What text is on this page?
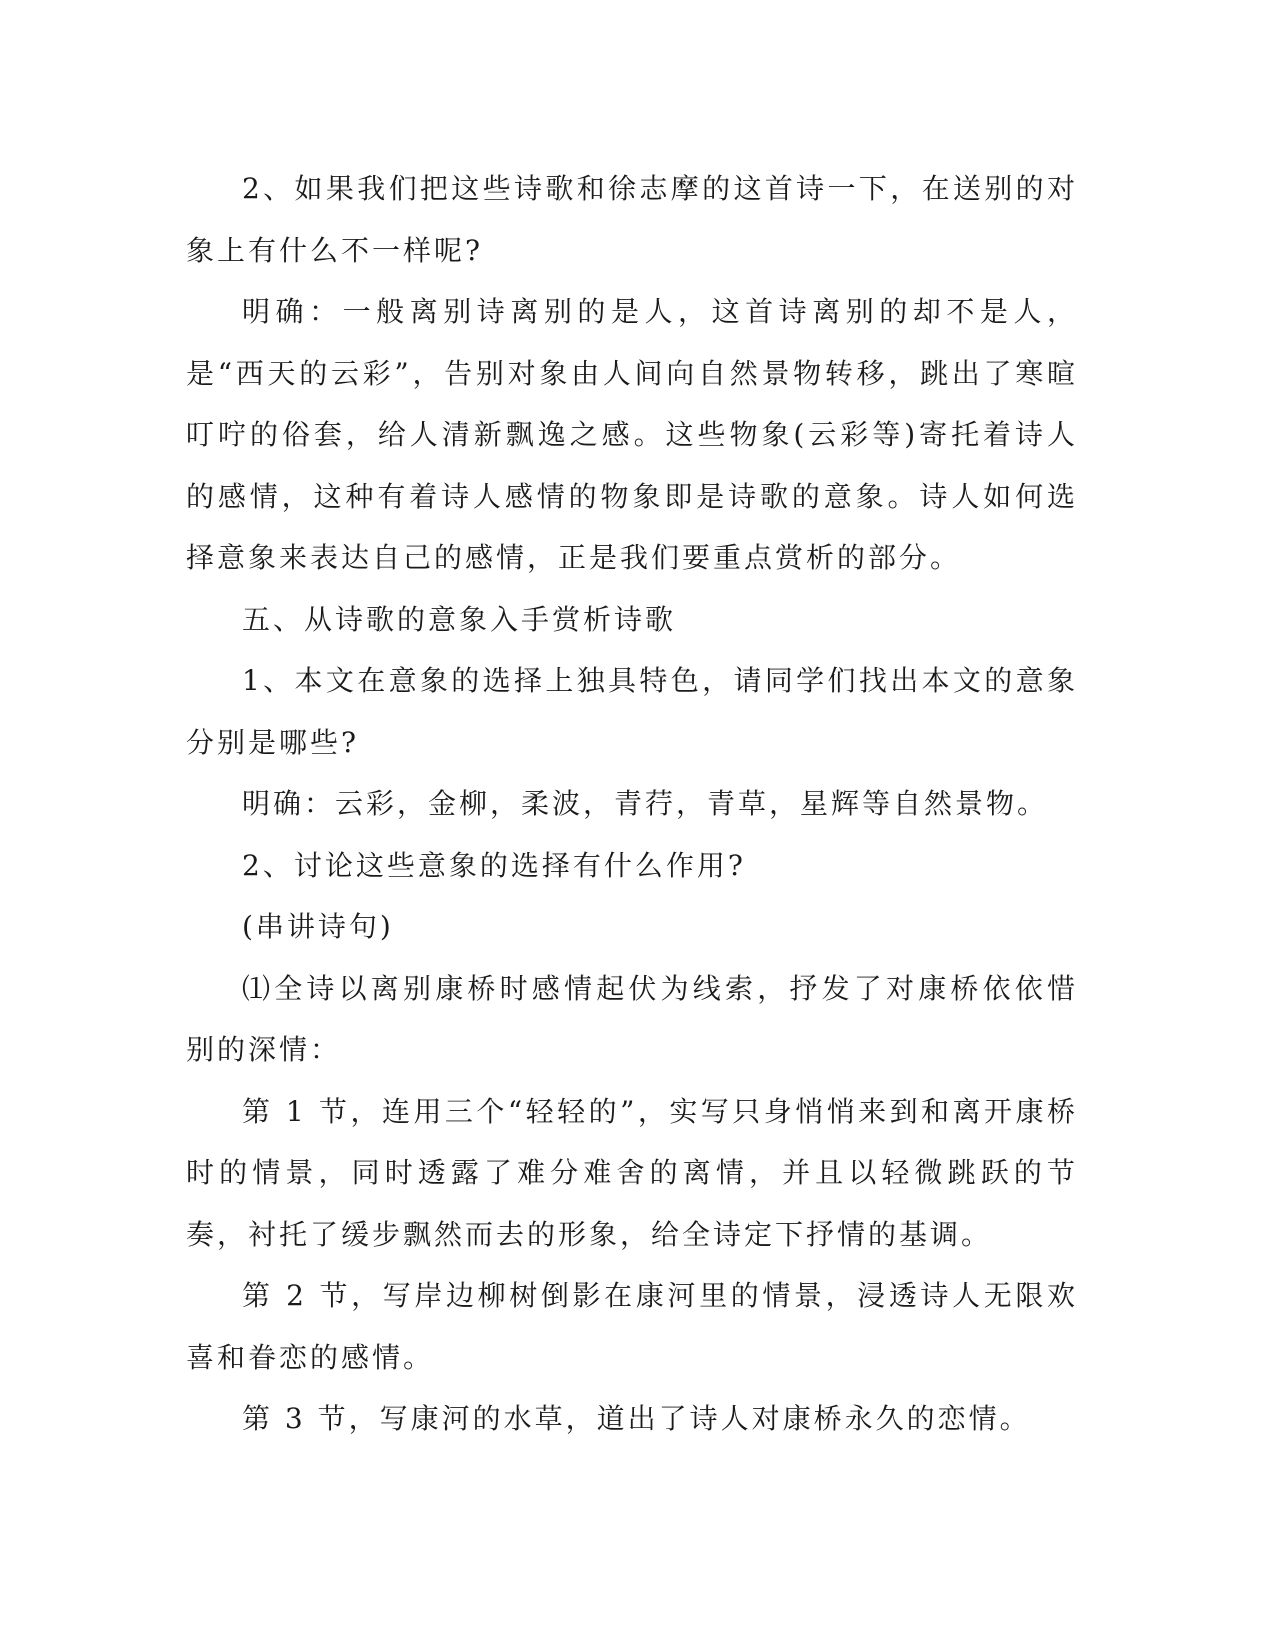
2、如果我们把这些诗歌和徐志摩的这首诗一下，在送别的对象上有什么不一样呢?

明确：一般离别诗离别的是人，这首诗离别的却不是人，是“西天的云彩”，告别对象由人间向自然景物转移，跳出了寒暄叮咛的俗套，给人清新飘逸之感。这些物象(云彩等)寄托着诗人的感情，这种有着诗人感情的物象即是诗歌的意象。诗人如何选择意象来表达自己的感情，正是我们要重点赏析的部分。

五、从诗歌的意象入手赏析诗歌

1、本文在意象的选择上独具特色，请同学们找出本文的意象分别是哪些?

明确：云彩，金柳，柔波，青荇，青草，星辉等自然景物。

2、讨论这些意象的选择有什么作用?

(串讲诗句)

⑴全诗以离别康桥时感情起伏为线索，抒发了对康桥依依惜别的深情：

第 1 节，连用三个“轻轻的”，实写只身悄悄来到和离开康桥时的情景，同时透露了难分难舍的离情，并且以轻微跳跃的节奏，衬托了缓步飘然而去的形象，给全诗定下抒情的基调。

第 2 节，写岸边柳树倒影在康河里的情景，浸透诗人无限欢喜和眷恋的感情。

第 3 节，写康河的水草，道出了诗人对康桥永久的恋情。
